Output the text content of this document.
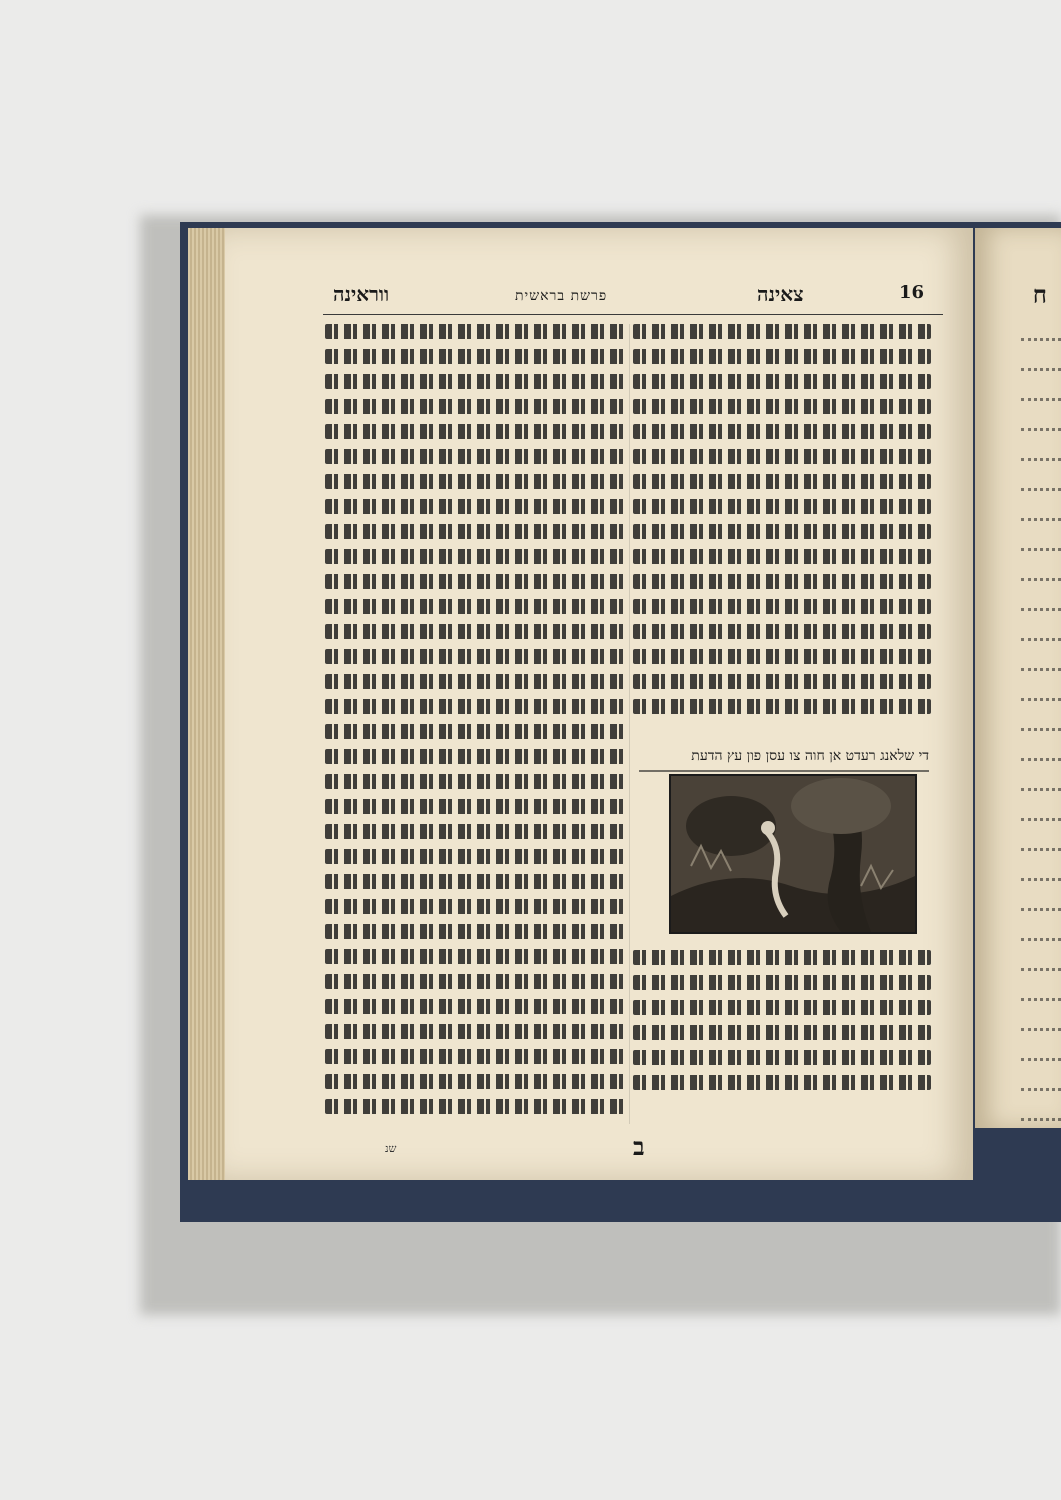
ח
ווראינה	פרשת בראשית	צאינה	16
די שלאנג רעדט אן חוה צו עסן פון עץ הדעת
ב
שנ
